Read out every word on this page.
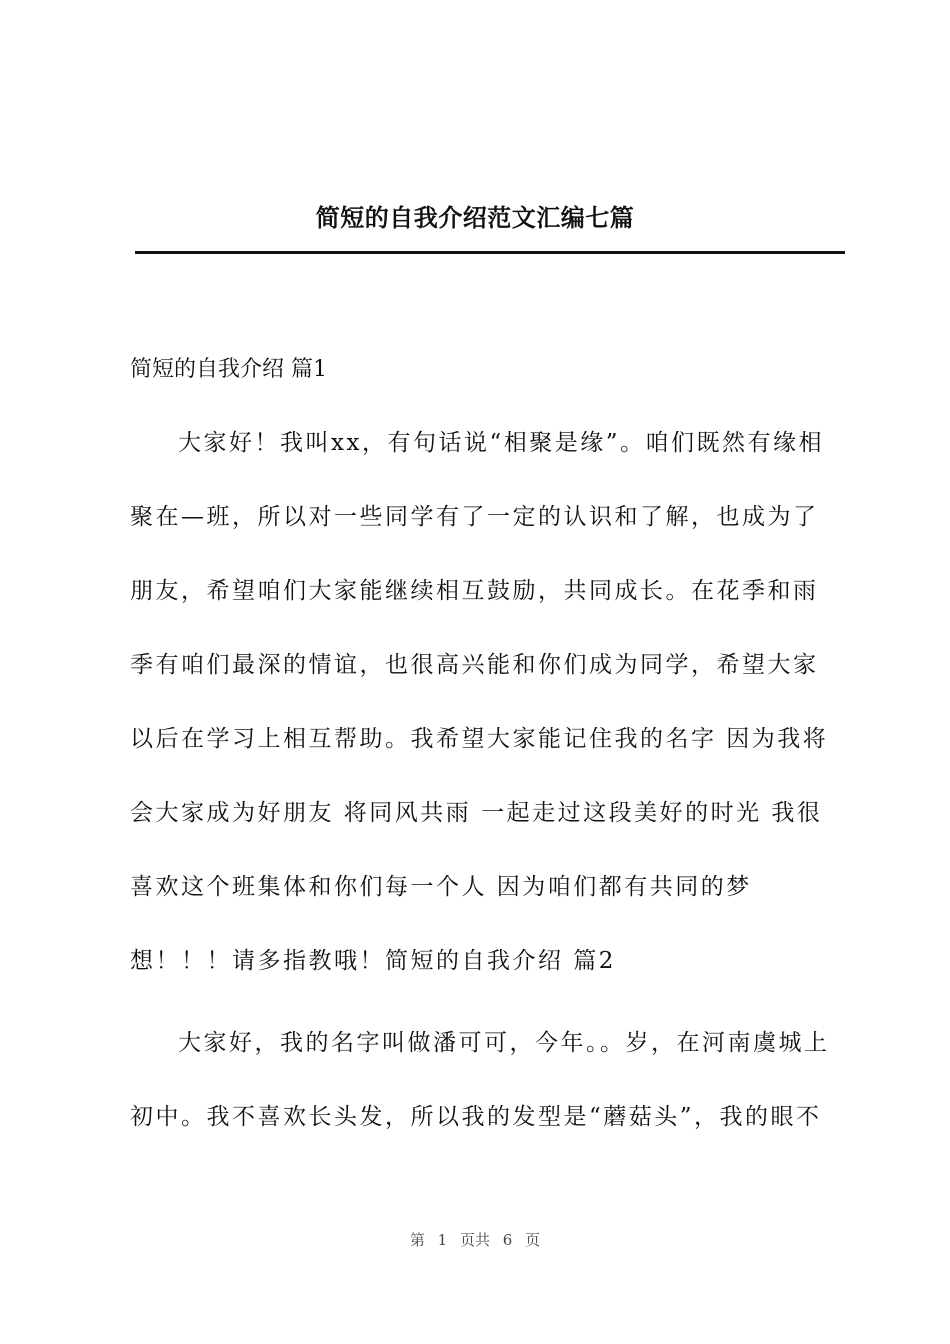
简短的自我介绍范文汇编七篇
简短的自我介绍 篇1
大家好！我叫xx，有句话说“相聚是缘”。咱们既然有缘相聚在—班，所以对一些同学有了一定的认识和了解，也成为了朋友，希望咱们大家能继续相互鼓励，共同成长。在花季和雨季有咱们最深的情谊，也很高兴能和你们成为同学，希望大家以后在学习上相互帮助。我希望大家能记住我的名字 因为我将会大家成为好朋友 将同风共雨 一起走过这段美好的时光 我很喜欢这个班集体和你们每一个人 因为咱们都有共同的梦想！！！请多指教哦！简短的自我介绍 篇2
大家好，我的名字叫做潘可可，今年。。岁，在河南虞城上初中。我不喜欢长头发，所以我的发型是“蘑菇头”，我的眼不
第 1 页共 6 页
